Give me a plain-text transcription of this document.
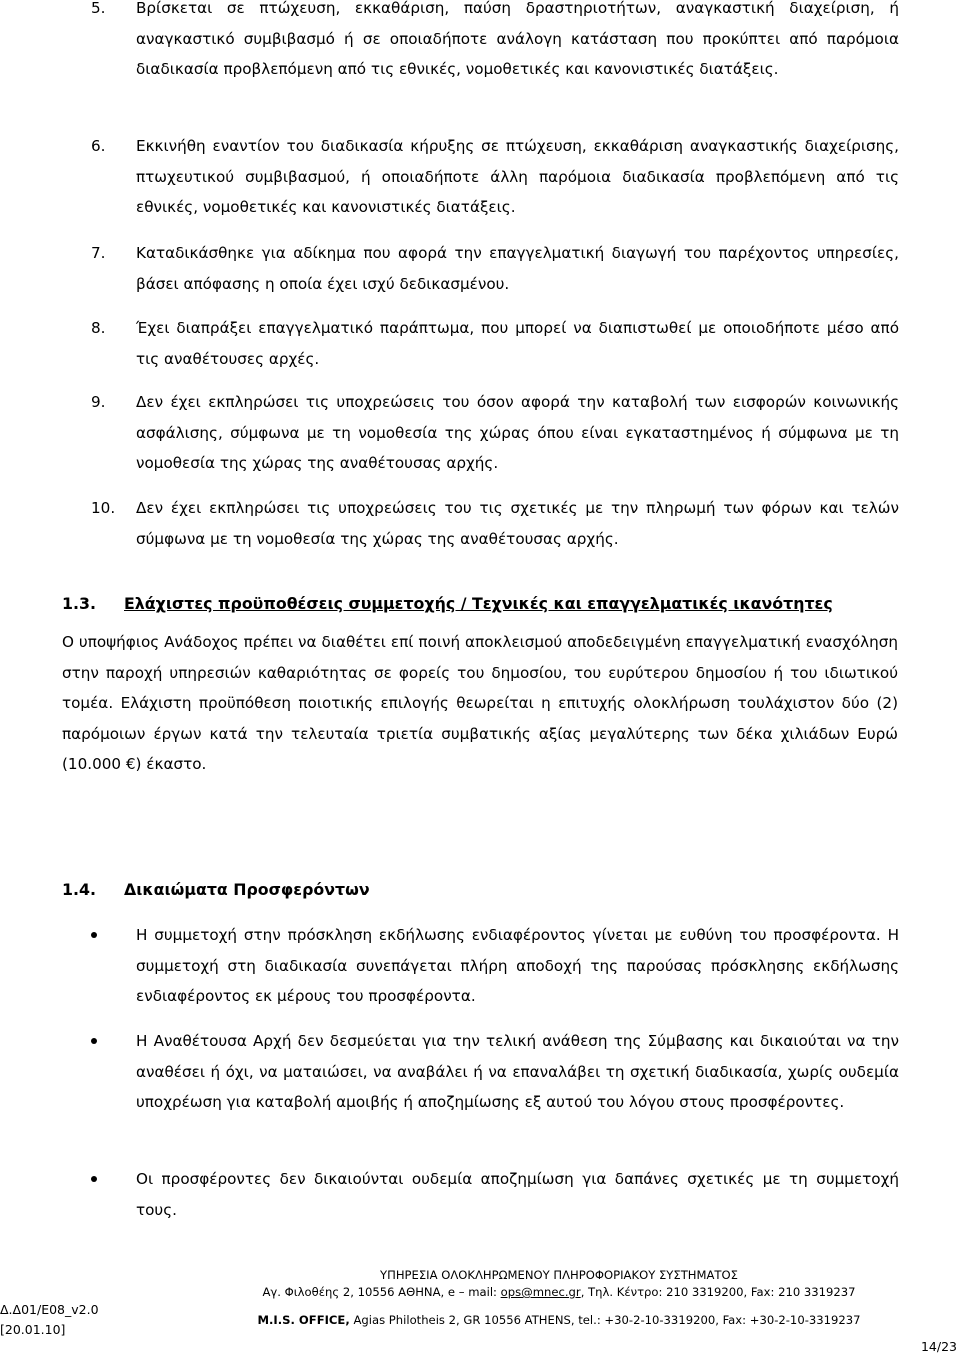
5. Βρίσκεται σε πτώχευση, εκκαθάριση, παύση δραστηριοτήτων, αναγκαστική διαχείριση, ή αναγκαστικό συμβιβασμό ή σε οποιαδήποτε ανάλογη κατάσταση που προκύπτει από παρόμοια διαδικασία προβλεπόμενη από τις εθνικές, νομοθετικές και κανονιστικές διατάξεις.
6. Εκκινήθη εναντίον του διαδικασία κήρυξης σε πτώχευση, εκκαθάριση αναγκαστικής διαχείρισης, πτωχευτικού συμβιβασμού, ή οποιαδήποτε άλλη παρόμοια διαδικασία προβλεπόμενη από τις εθνικές, νομοθετικές και κανονιστικές διατάξεις.
7. Καταδικάσθηκε για αδίκημα που αφορά την επαγγελματική διαγωγή του παρέχοντος υπηρεσίες, βάσει απόφασης η οποία έχει ισχύ δεδικασμένου.
8. Έχει διαπράξει επαγγελματικό παράπτωμα, που μπορεί να διαπιστωθεί με οποιοδήποτε μέσο από τις αναθέτουσες αρχές.
9. Δεν έχει εκπληρώσει τις υποχρεώσεις του όσον αφορά την καταβολή των εισφορών κοινωνικής ασφάλισης, σύμφωνα με τη νομοθεσία της χώρας όπου είναι εγκαταστημένος ή σύμφωνα με τη νομοθεσία της χώρας της αναθέτουσας αρχής.
10. Δεν έχει εκπληρώσει τις υποχρεώσεις του τις σχετικές με την πληρωμή των φόρων και τελών σύμφωνα με τη νομοθεσία της χώρας της αναθέτουσας αρχής.
1.3. Ελάχιστες προϋποθέσεις συμμετοχής / Τεχνικές και επαγγελματικές ικανότητες
Ο υποψήφιος Ανάδοχος πρέπει να διαθέτει επί ποινή αποκλεισμού αποδεδειγμένη επαγγελματική ενασχόληση στην παροχή υπηρεσιών καθαριότητας σε φορείς του δημοσίου, του ευρύτερου δημοσίου ή του ιδιωτικού τομέα. Ελάχιστη προϋπόθεση ποιοτικής επιλογής θεωρείται η επιτυχής ολοκλήρωση τουλάχιστον δύο (2) παρόμοιων έργων κατά την τελευταία τριετία συμβατικής αξίας μεγαλύτερης των δέκα χιλιάδων Ευρώ (10.000 €) έκαστο.
1.4. Δικαιώματα Προσφερόντων
Η συμμετοχή στην πρόσκληση εκδήλωσης ενδιαφέροντος γίνεται με ευθύνη του προσφέροντα. Η συμμετοχή στη διαδικασία συνεπάγεται πλήρη αποδοχή της παρούσας πρόσκλησης εκδήλωσης ενδιαφέροντος εκ μέρους του προσφέροντα.
Η Αναθέτουσα Αρχή δεν δεσμεύεται για την τελική ανάθεση της Σύμβασης και δικαιούται να την αναθέσει ή όχι, να ματαιώσει, να αναβάλει ή να επαναλάβει τη σχετική διαδικασία, χωρίς ουδεμία υποχρέωση για καταβολή αμοιβής ή αποζημίωσης εξ αυτού του λόγου στους προσφέροντες.
Οι προσφέροντες δεν δικαιούνται ουδεμία αποζημίωση για δαπάνες σχετικές με τη συμμετοχή τους.
ΥΠΗΡΕΣΙΑ ΟΛΟΚΛΗΡΩΜΕΝΟΥ ΠΛΗΡΟΦΟΡΙΑΚΟΥ ΣΥΣΤΗΜΑΤΟΣ
Αγ. Φιλοθέης 2, 10556 ΑΘΗΝΑ, e – mail: ops@mnec.gr, Τηλ. Κέντρο: 210 3319200, Fax: 210 3319237
Δ.Δ01/Ε08_v2.0
[20.01.10]
M.I.S. OFFICE, Agias Philotheis 2, GR 10556 ATHENS, tel.: +30-2-10-3319200, Fax: +30-2-10-3319237
14/23
